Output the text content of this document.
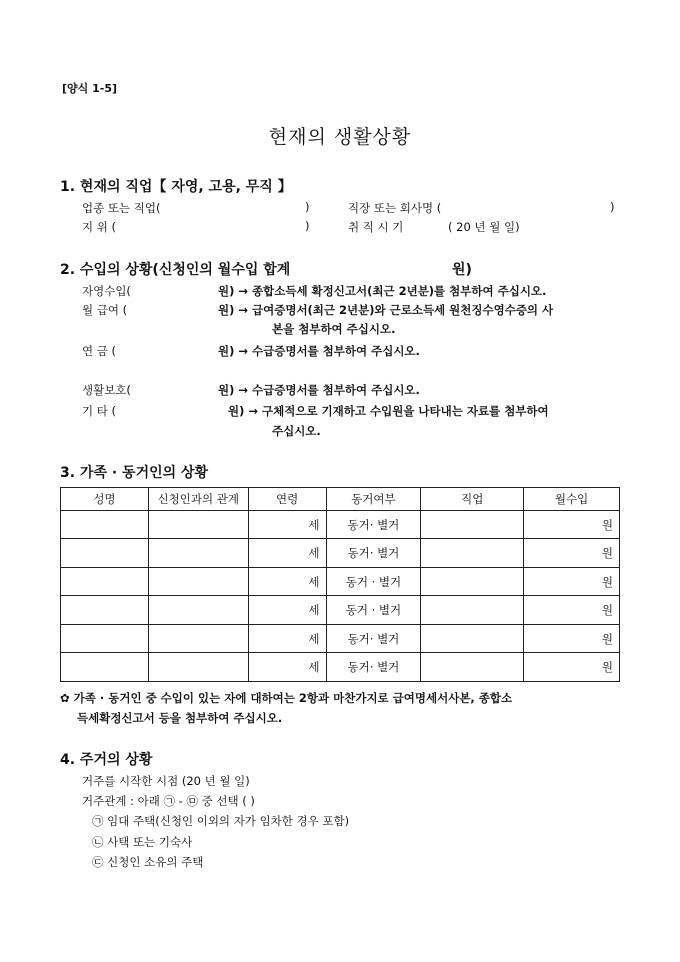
[양식 1-5]
현재의 생활상황
1. 현재의 직업【 자영, 고용, 무직 】
업종 또는 직업(	)	직장 또는 회사명 (	)
지 위 (	)	취 직 시 기	( 20 년 월 일)
2. 수입의 상황(신청인의 월수입 합계	원)
자영수입(	원) → 종합소득세 확정신고서(최근 2년분)를 첨부하여 주십시오.
월 급여 (	원) → 급여증명서(최근 2년분)와 근로소득세 원천징수영수증의 사
본을 첨부하여 주십시오.
연 금 (	원) → 수급증명서를 첨부하여 주십시오.
생활보호(	원) → 수급증명서를 첨부하여 주십시오.
기 타 (	원) → 구체적으로 기재하고 수입원을 나타내는 자료를 첨부하여
주십시오.
3. 가족 · 동거인의 상황
성명	신청인과의 관계	연령	동거여부	직업	월수입
		세	동거· 별거		원
		세	동거· 별거		원
		세	동거 · 별거		원
		세	동거 · 별거		원
		세	동거· 별거		원
		세	동거· 별거		원
✿ 가족 · 동거인 중 수입이 있는 자에 대하여는 2항과 마찬가지로 급여명세서사본, 종합소
득세확정신고서 등을 첨부하여 주십시오.
4. 주거의 상황
거주를 시작한 시점 (20 년 월 일)
거주관계 : 아래 ㉠ - ㉤ 중 선택 ( )
㉠ 임대 주택(신청인 이외의 자가 임차한 경우 포함)
㉡ 사택 또는 기숙사
㉢ 신청인 소유의 주택
